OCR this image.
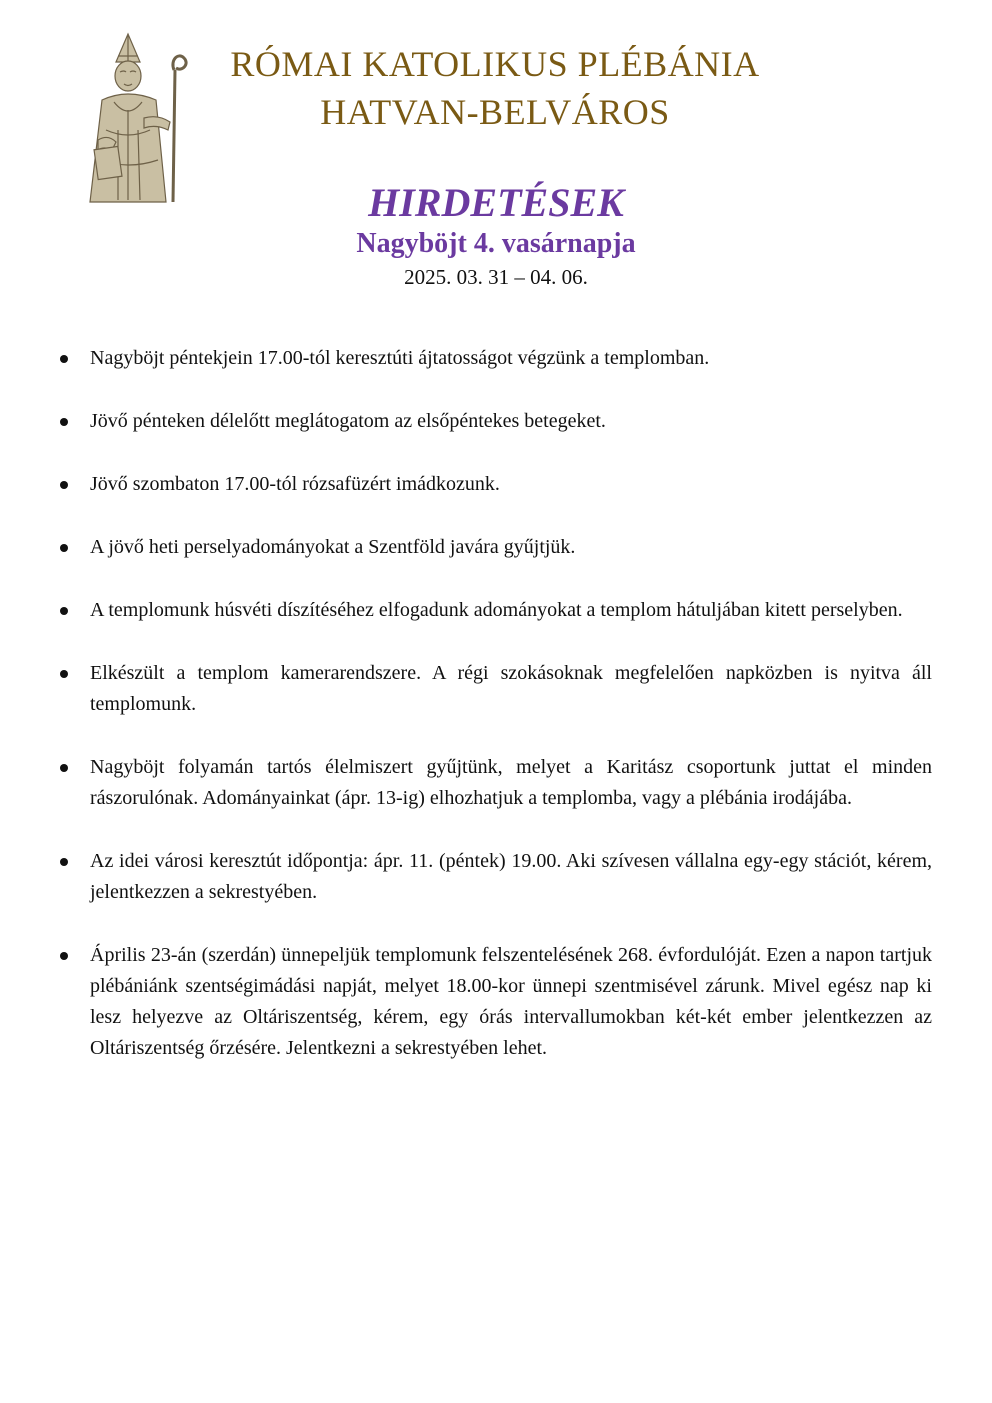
RÓMAI KATOLIKUS PLÉBÁNIA
HATVAN-BELVÁROS
HIRDETÉSEK
Nagyböjt 4. vasárnapja
2025. 03. 31 – 04. 06.
Nagyböjt péntekjein 17.00-tól keresztúti ájtatosságot végzünk a templomban.
Jövő pénteken délelőtt meglátogatom az elsőpéntekes betegeket.
Jövő szombaton 17.00-tól rózsafüzért imádkozunk.
A jövő heti perselyadományokat a Szentföld javára gyűjtjük.
A templomunk húsvéti díszítéséhez elfogadunk adományokat a templom hátuljában kitett perselyben.
Elkészült a templom kamerarendszere. A régi szokásoknak megfelelően napközben is nyitva áll templomunk.
Nagyböjt folyamán tartós élelmiszert gyűjtünk, melyet a Karitász csoportunk juttat el minden rászorulónak. Adományainkat (ápr. 13-ig) elhozhatjuk a templomba, vagy a plébánia irodájába.
Az idei városi keresztút időpontja: ápr. 11. (péntek) 19.00. Aki szívesen vállalna egy-egy stációt, kérem, jelentkezzen a sekrestyében.
Április 23-án (szerdán) ünnepeljük templomunk felszentelésének 268. évfordulóját. Ezen a napon tartjuk plébániánk szentségimádási napját, melyet 18.00-kor ünnepi szentmisével zárunk. Mivel egész nap ki lesz helyezve az Oltáriszentség, kérem, egy órás intervallumokban két-két ember jelentkezzen az Oltáriszentség őrzésére. Jelentkezni a sekrestyében lehet.
